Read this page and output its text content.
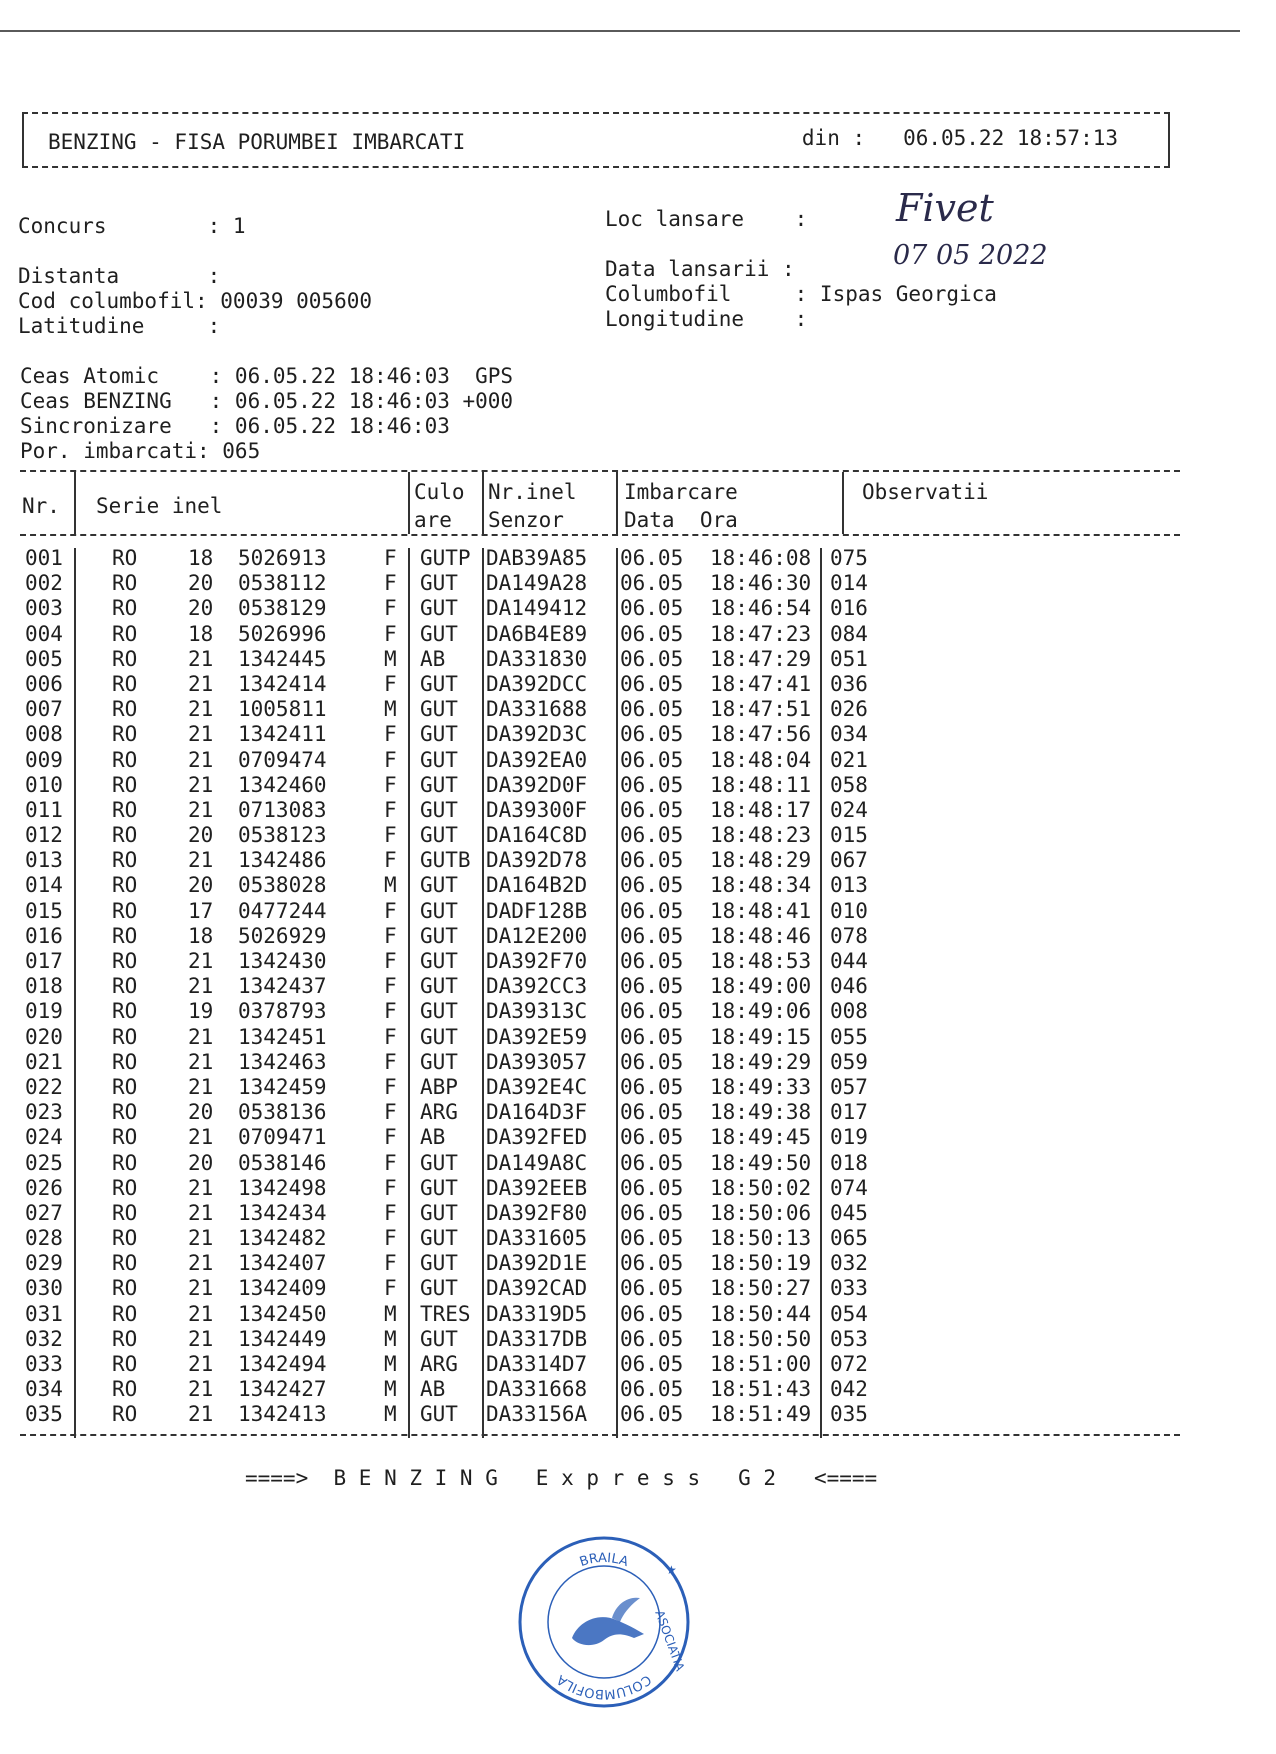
BENZING - FISA PORUMBEI IMBARCATI	din : 06.05.22 18:57:13
Concurs        : 1
Distanta       :
Cod columbofil: 00039 005600
Latitudine     :
Loc lansare    :
Data lansarii :
Columbofil     : Ispas Georgica
Longitudine    :
Fivet
07 05 2022
Ceas Atomic    : 06.05.22 18:46:03  GPS
Ceas BENZING   : 06.05.22 18:46:03 +000
Sincronizare   : 06.05.22 18:46:03
Por. imbarcati: 065
Nr. Serie inel
Culo
are
Nr.inel
Senzor
Imbarcare
Data  Ora
Observatii
001 RO 18 5026913	F GUTP DAB39A85 06.05 18:46:08 075
002 RO 20 0538112	F GUT DA149A28 06.05 18:46:30 014
003 RO 20 0538129	F GUT DA149412 06.05 18:46:54 016
004 RO 18 5026996	F GUT DA6B4E89 06.05 18:47:23 084
005 RO 21 1342445	M AB DA331830 06.05 18:47:29 051
006 RO 21 1342414	F GUT DA392DCC 06.05 18:47:41 036
007 RO 21 1005811	M GUT DA331688 06.05 18:47:51 026
008 RO 21 1342411	F GUT DA392D3C 06.05 18:47:56 034
009 RO 21 0709474	F GUT DA392EA0 06.05 18:48:04 021
010 RO 21 1342460	F GUT DA392D0F 06.05 18:48:11 058
011 RO 21 0713083	F GUT DA39300F 06.05 18:48:17 024
012 RO 20 0538123	F GUT DA164C8D 06.05 18:48:23 015
013 RO 21 1342486	F GUTB DA392D78 06.05 18:48:29 067
014 RO 20 0538028	M GUT DA164B2D 06.05 18:48:34 013
015 RO 17 0477244	F GUT DADF128B 06.05 18:48:41 010
016 RO 18 5026929	F GUT DA12E200 06.05 18:48:46 078
017 RO 21 1342430	F GUT DA392F70 06.05 18:48:53 044
018 RO 21 1342437	F GUT DA392CC3 06.05 18:49:00 046
019 RO 19 0378793	F GUT DA39313C 06.05 18:49:06 008
020 RO 21 1342451	F GUT DA392E59 06.05 18:49:15 055
021 RO 21 1342463	F GUT DA393057 06.05 18:49:29 059
022 RO 21 1342459	F ABP DA392E4C 06.05 18:49:33 057
023 RO 20 0538136	F ARG DA164D3F 06.05 18:49:38 017
024 RO 21 0709471	F AB DA392FED 06.05 18:49:45 019
025 RO 20 0538146	F GUT DA149A8C 06.05 18:49:50 018
026 RO 21 1342498	F GUT DA392EEB 06.05 18:50:02 074
027 RO 21 1342434	F GUT DA392F80 06.05 18:50:06 045
028 RO 21 1342482	F GUT DA331605 06.05 18:50:13 065
029 RO 21 1342407	F GUT DA392D1E 06.05 18:50:19 032
030 RO 21 1342409	F GUT DA392CAD 06.05 18:50:27 033
031 RO 21 1342450	M TRES DA3319D5 06.05 18:50:44 054
032 RO 21 1342449	M GUT DA3317DB 06.05 18:50:50 053
033 RO 21 1342494	M ARG DA3314D7 06.05 18:51:00 072
034 RO 21 1342427	M AB DA331668 06.05 18:51:43 042
035 RO 21 1342413	M GUT DA33156A 06.05 18:51:49 035
====>  B E N Z I N G   E x p r e s s   G 2   <====
BRAILA
COLUMBOFILA
ASOCIATIA
★
